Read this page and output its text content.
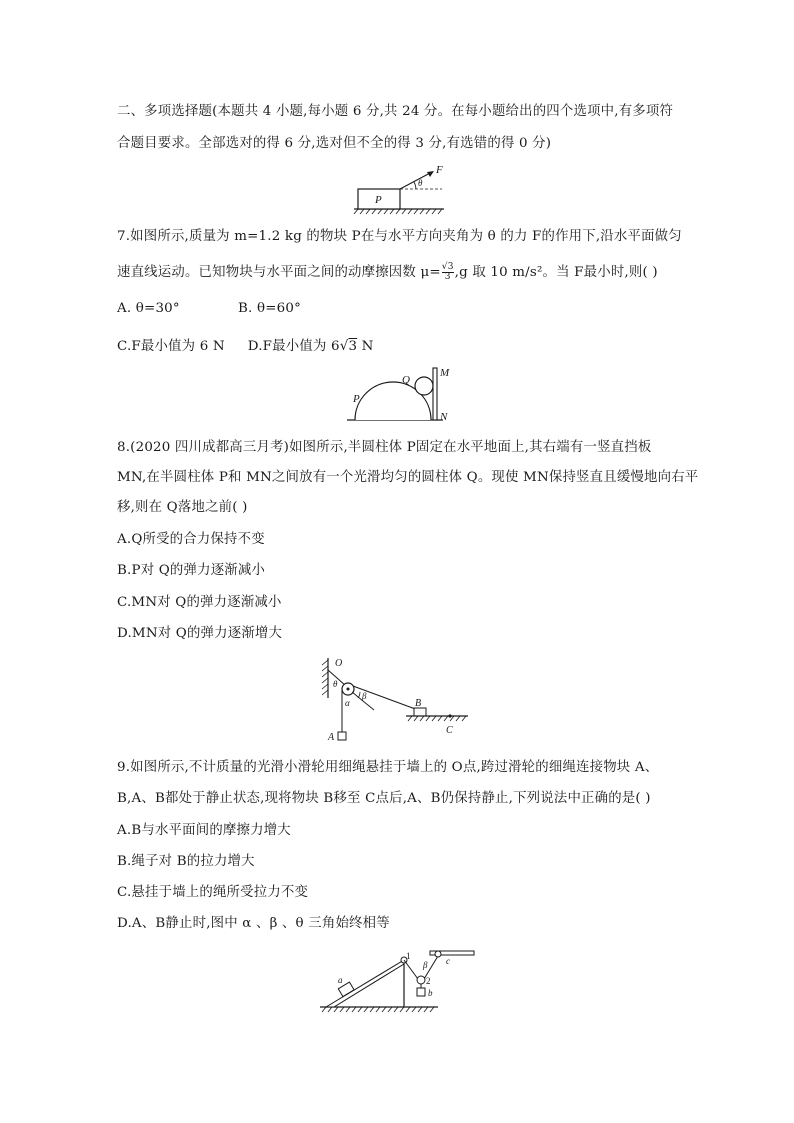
二、多项选择题(本题共 4 小题,每小题 6 分,共 24 分。在每小题给出的四个选项中,有多项符
合题目要求。全部选对的得 6 分,选对但不全的得 3 分,有选错的得 0 分)
P
θ
F
7.如图所示,质量为 m=1.2 kg 的物块 P在与水平方向夹角为 θ 的力 F的作用下,沿水平面做匀
速直线运动。已知物块与水平面之间的动摩擦因数 $\mu= \frac{√3}{3} ,g$ 取 10 m/s²。当 F最小时,则( )
A. θ=30°	B. θ=60°
C.F最小值为 6 N D.F最小值为 6√3 N
P
Q
M
N
8.(2020 四川成都高三月考)如图所示,半圆柱体 P固定在水平地面上,其右端有一竖直挡板
MN,在半圆柱体 P和 MN之间放有一个光滑均匀的圆柱体 Q。现使 MN保持竖直且缓慢地向右平
移,则在 Q落地之前( )
A.Q所受的合力保持不变
B.P对 Q的弹力逐渐减小
C.MN对 Q的弹力逐渐减小
D.MN对 Q的弹力逐渐增大
O
θ
β
α
A
B
C
9.如图所示,不计质量的光滑小滑轮用细绳悬挂于墙上的 O点,跨过滑轮的细绳连接物块 A、
B,A、B都处于静止状态,现将物块 B移至 C点后,A、B仍保持静止,下列说法中正确的是( )
A.B与水平面间的摩擦力增大
B.绳子对 B的拉力增大
C.悬挂于墙上的绳所受拉力不变
D.A、B静止时,图中 α 、β 、θ 三角始终相等
a
1
β c
2
b
